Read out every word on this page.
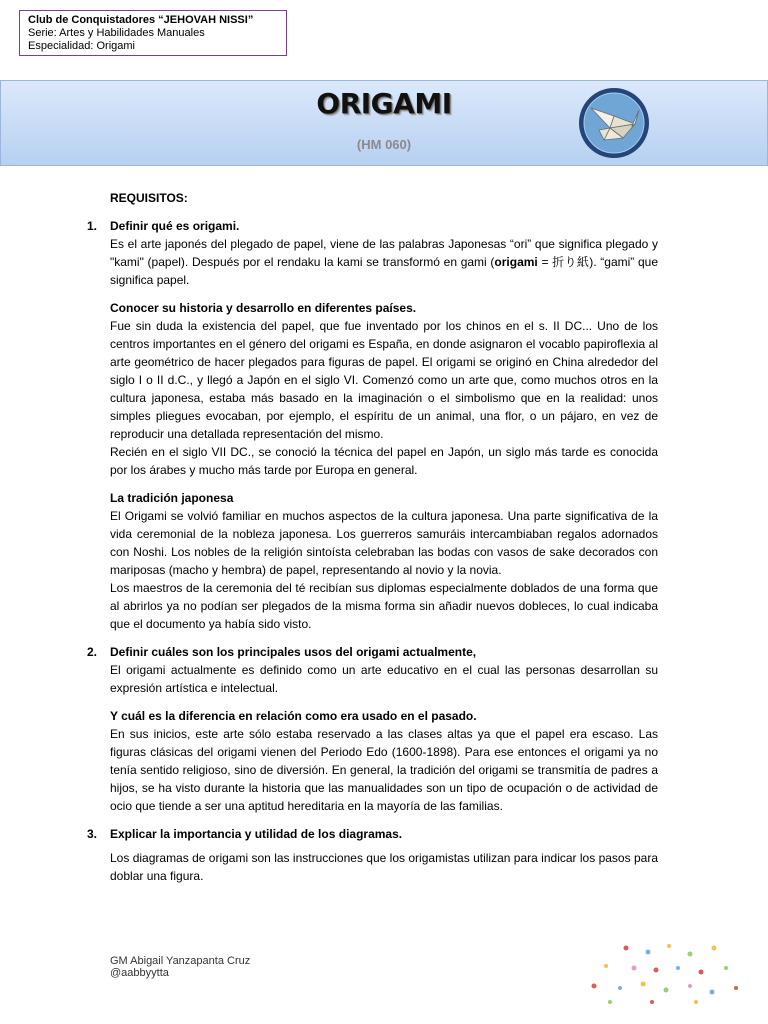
Club de Conquistadores “JEHOVAH NISSI”
Serie: Artes y Habilidades Manuales
Especialidad: Origami
ORIGAMI
(HM 060)

REQUISITOS:

1. Definir qué es origami.

Es el arte japonés del plegado de papel, viene de las palabras Japonesas “ori” que significa plegado y "kami" (papel). Después por el rendaku la kami se transformó en gami (origami = 折り紙). “gami” que significa papel.

Conocer su historia y desarrollo en diferentes países.

Fue sin duda la existencia del papel, que fue inventado por los chinos en el s. II DC... Uno de los centros importantes en el género del origami es España, en donde asignaron el vocablo papiroflexia al arte geométrico de hacer plegados para figuras de papel. El origami se originó en China alrededor del siglo I o II d.C., y llegó a Japón en el siglo VI. Comenzó como un arte que, como muchos otros en la cultura japonesa, estaba más basado en la imaginación o el simbolismo que en la realidad: unos simples pliegues evocaban, por ejemplo, el espíritu de un animal, una flor, o un pájaro, en vez de reproducir una detallada representación del mismo.

Recién en el siglo VII DC., se conoció la técnica del papel en Japón, un siglo más tarde es conocida por los árabes y mucho más tarde por Europa en general.

La tradición japonesa

El Origami se volvió familiar en muchos aspectos de la cultura japonesa. Una parte significativa de la vida ceremonial de la nobleza japonesa. Los guerreros samuráis intercambiaban regalos adornados con Noshi. Los nobles de la religión sintoísta celebraban las bodas con vasos de sake decorados con mariposas (macho y hembra) de papel, representando al novio y la novia.

Los maestros de la ceremonia del té recibían sus diplomas especialmente doblados de una forma que al abrirlos ya no podían ser plegados de la misma forma sin añadir nuevos dobleces, lo cual indicaba que el documento ya había sido visto.

2. Definir cuáles son los principales usos del origami actualmente,

El origami actualmente es definido como un arte educativo en el cual las personas desarrollan su expresión artística e intelectual.

Y cuál es la diferencia en relación como era usado en el pasado.

En sus inicios, este arte sólo estaba reservado a las clases altas ya que el papel era escaso. Las figuras clásicas del origami vienen del Periodo Edo (1600-1898). Para ese entonces el origami ya no tenía sentido religioso, sino de diversión. En general, la tradición del origami se transmitía de padres a hijos, se ha visto durante la historia que las manualidades son un tipo de ocupación o de actividad de ocio que tiende a ser una aptitud hereditaria en la mayoría de las familias.

3. Explicar la importancia y utilidad de los diagramas.

Los diagramas de origami son las instrucciones que los origamistas utilizan para indicar los pasos para doblar una figura.

GM Abigail Yanzapanta Cruz
@aabbyytta
